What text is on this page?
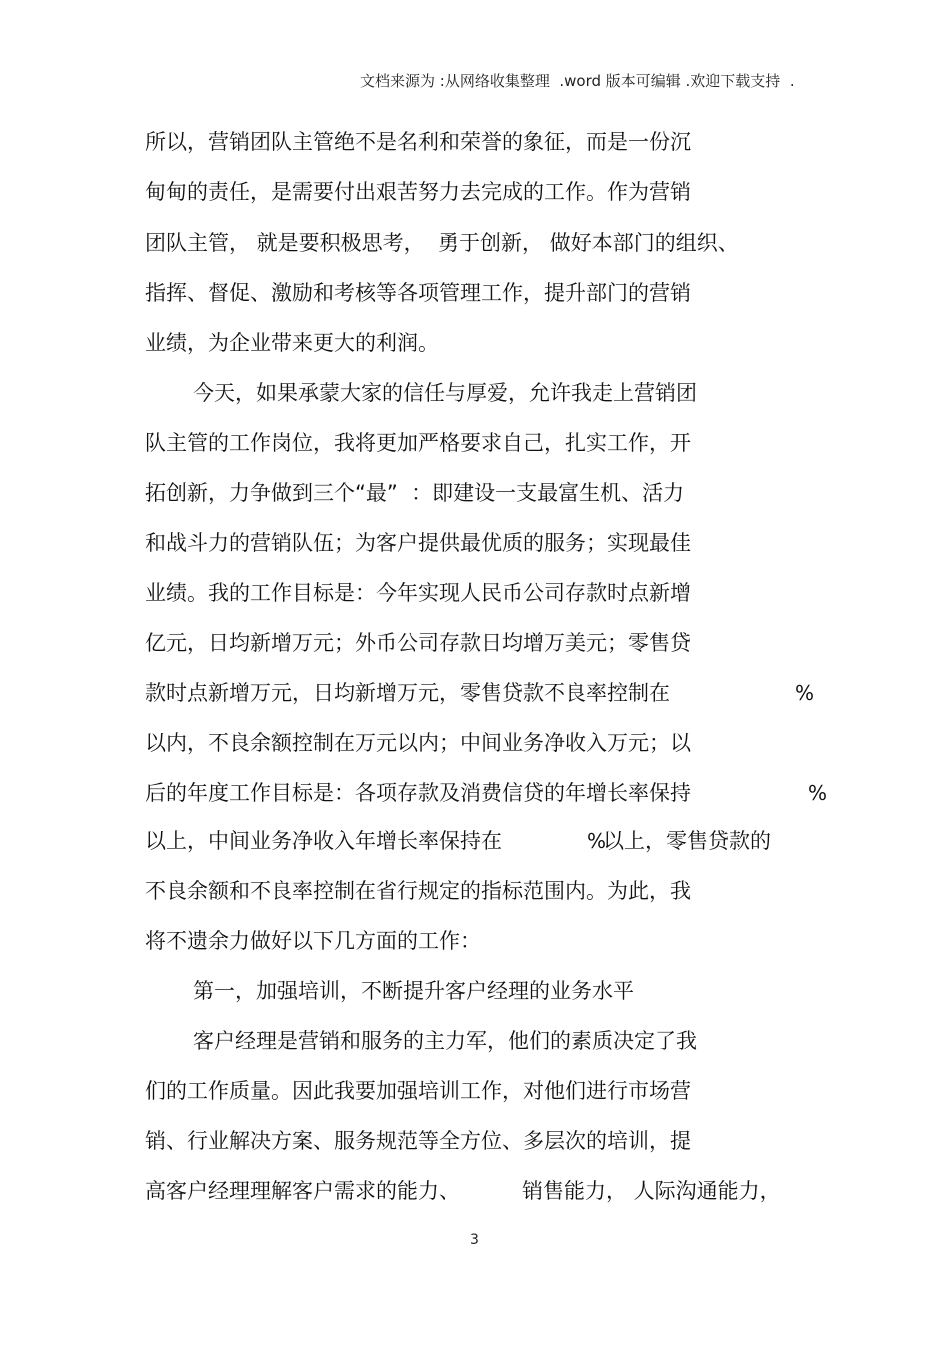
文档来源为 :从网络收集整理  .word 版本可编辑 .欢迎下载支持  .
所以，营销团队主管绝不是名利和荣誉的象征，而是一份沉
甸甸的责任，是需要付出艰苦努力去完成的工作。作为营销
团队主管， 就是要积极思考，  勇于创新， 做好本部门的组织、
指挥、督促、激励和考核等各项管理工作，提升部门的营销
业绩，为企业带来更大的利润。
今天，如果承蒙大家的信任与厚爱，允许我走上营销团
队主管的工作岗位，我将更加严格要求自己，扎实工作，开
拓创新，力争做到三个“最”  ：即建设一支最富生机、活力
和战斗力的营销队伍；为客户提供最优质的服务；实现最佳
业绩。我的工作目标是：今年实现人民币公司存款时点新增
亿元，日均新增万元；外币公司存款日均增万美元；零售贷
款时点新增万元，日均新增万元，零售贷款不良率控制在	%
以内，不良余额控制在万元以内；中间业务净收入万元；以
后的年度工作目标是：各项存款及消费信贷的年增长率保持	%
以上，中间业务净收入年增长率保持在	%
以上，零售贷款的
不良余额和不良率控制在省行规定的指标范围内。为此，我
将不遗余力做好以下几方面的工作：
第一，加强培训，不断提升客户经理的业务水平
客户经理是营销和服务的主力军，他们的素质决定了我
们的工作质量。因此我要加强培训工作，对他们进行市场营
销、行业解决方案、服务规范等全方位、多层次的培训，提
高客户经理理解客户需求的能力、	销售能力， 人际沟通能力，
3
